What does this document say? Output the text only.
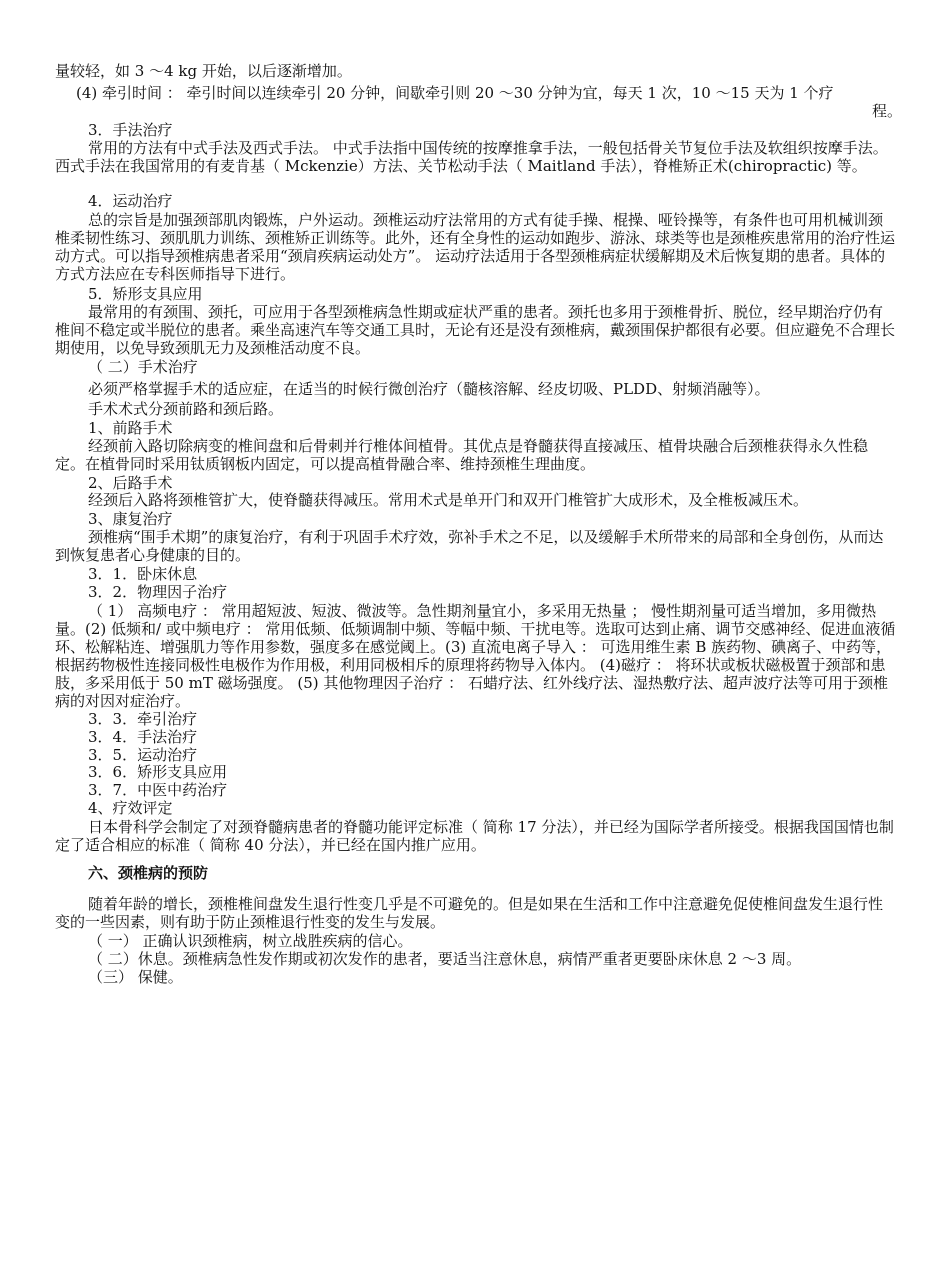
量较轻，如 3 ～4 kg 开始，以后逐渐增加。

(4) 牵引时间 ： 牵引时间以连续牵引 20 分钟，间歇牵引则 20 ～30 分钟为宜，每天 1 次，10 ～15 天为 1 个疗
程。

3．手法治疗

常用的方法有中式手法及西式手法。 中式手法指中国传统的按摩推拿手法，一般包括骨关节复位手法及软组织按摩手法。西式手法在我国常用的有麦肯基（ Mckenzie）方法、关节松动手法（ Maitland 手法），脊椎矫正术(chiropractic) 等。

4．运动治疗

总的宗旨是加强颈部肌肉锻炼，户外运动。颈椎运动疗法常用的方式有徒手操、棍操、哑铃操等，有条件也可用机械训颈椎柔韧性练习、颈肌肌力训练、颈椎矫正训练等。此外，还有全身性的运动如跑步、游泳、球类等也是颈椎疾患常用的治疗性运动方式。可以指导颈椎病患者采用“颈肩疾病运动处方”。 运动疗法适用于各型颈椎病症状缓解期及术后恢复期的患者。具体的方式方法应在专科医师指导下进行。

5．矫形支具应用

最常用的有颈围、颈托，可应用于各型颈椎病急性期或症状严重的患者。颈托也多用于颈椎骨折、脱位，经早期治疗仍有椎间不稳定或半脱位的患者。乘坐高速汽车等交通工具时，无论有还是没有颈椎病，戴颈围保护都很有必要。但应避免不合理长期使用，以免导致颈肌无力及颈椎活动度不良。

（ 二）手术治疗

必须严格掌握手术的适应症，在适当的时候行微创治疗（髓核溶解、经皮切吸、PLDD、射频消融等）。

手术术式分颈前路和颈后路。

1、前路手术

经颈前入路切除病变的椎间盘和后骨刺并行椎体间植骨。其优点是脊髓获得直接减压、植骨块融合后颈椎获得永久性稳定。在植骨同时采用钛质钢板内固定，可以提高植骨融合率、维持颈椎生理曲度。

2、后路手术

经颈后入路将颈椎管扩大，使脊髓获得减压。常用术式是单开门和双开门椎管扩大成形术，及全椎板减压术。

3、康复治疗

颈椎病“围手术期”的康复治疗，有利于巩固手术疗效，弥补手术之不足，以及缓解手术所带来的局部和全身创伤，从而达到恢复患者心身健康的目的。

3．1．卧床休息

3．2．物理因子治疗

（ 1） 高频电疗 ： 常用超短波、短波、微波等。急性期剂量宜小，多采用无热量 ； 慢性期剂量可适当增加，多用微热量。(2) 低频和/ 或中频电疗 ： 常用低频、低频调制中频、等幅中频、干扰电等。选取可达到止痛、调节交感神经、促进血液循环、松解粘连、增强肌力等作用参数，强度多在感觉阈上。(3) 直流电离子导入 ： 可选用维生素 B 族药物、碘离子、中药等，根据药物极性连接同极性电极作为作用极，利用同极相斥的原理将药物导入体内。 (4)磁疗 ： 将环状或板状磁极置于颈部和患肢，多采用低于 50 mT 磁场强度。 (5) 其他物理因子治疗 ： 石蜡疗法、红外线疗法、湿热敷疗法、超声波疗法等可用于颈椎病的对因对症治疗。

3．3．牵引治疗

3．4．手法治疗

3．5．运动治疗

3．6．矫形支具应用

3．7．中医中药治疗

4、疗效评定

日本骨科学会制定了对颈脊髓病患者的脊髓功能评定标准（ 简称 17 分法），并已经为国际学者所接受。根据我国国情也制定了适合相应的标准（ 简称 40 分法），并已经在国内推广应用。

六、颈椎病的预防

随着年龄的增长，颈椎椎间盘发生退行性变几乎是不可避免的。但是如果在生活和工作中注意避免促使椎间盘发生退行性变的一些因素，则有助于防止颈椎退行性变的发生与发展。

（ 一） 正确认识颈椎病，树立战胜疾病的信心。

（ 二）休息。颈椎病急性发作期或初次发作的患者，要适当注意休息，病情严重者更要卧床休息 2 ～3 周。

（三） 保健。
